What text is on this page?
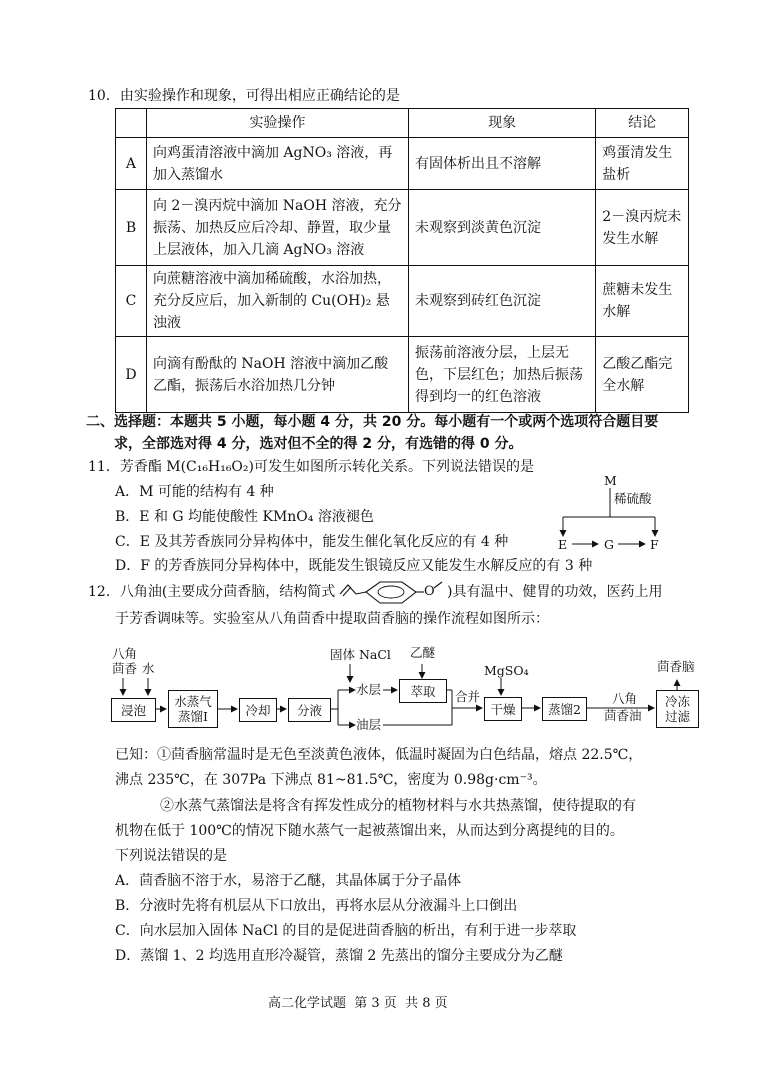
10．由实验操作和现象，可得出相应正确结论的是
	实验操作	现象	结论
A	向鸡蛋清溶液中滴加 AgNO₃ 溶液，再加入蒸馏水	有固体析出且不溶解	鸡蛋清发生盐析
B	向 2－溴丙烷中滴加 NaOH 溶液，充分振荡、加热反应后冷却、静置，取少量上层液体，加入几滴 AgNO₃ 溶液	未观察到淡黄色沉淀	2－溴丙烷未发生水解
C	向蔗糖溶液中滴加稀硫酸，水浴加热，充分反应后，加入新制的 Cu(OH)₂ 悬浊液	未观察到砖红色沉淀	蔗糖未发生水解
D	向滴有酚酞的 NaOH 溶液中滴加乙酸乙酯，振荡后水浴加热几分钟	振荡前溶液分层，上层无色，下层红色；加热后振荡得到均一的红色溶液	乙酸乙酯完全水解
二、选择题：本题共 5 小题，每小题 4 分，共 20 分。每小题有一个或两个选项符合题目要
求，全部选对得 4 分，选对但不全的得 2 分，有选错的得 0 分。
11．芳香酯 M(C₁₆H₁₆O₂)可发生如图所示转化关系。下列说法错误的是
A．M 可能的结构有 4 种
B．E 和 G 均能使酸性 KMnO₄ 溶液褪色
C．E 及其芳香族同分异构体中，能发生催化氧化反应的有 4 种
D．F 的芳香族同分异构体中，既能发生银镜反应又能发生水解反应的有 3 种
M
稀硫酸
E	G	F
12．八角油(主要成分茴香脑，结构简式	O )具有温中、健胃的功效，医药上用
于芳香调味等。实验室从八角茴香中提取茴香脑的操作流程如图所示：
八角
茴香 水
浸泡
水蒸气
蒸馏Ⅰ	冷却	分液
固体 NaCl 乙醚
水层
油层
萃取	合并
MgSO₄
干燥	蒸馏2
八角
茴香油
冷冻
过滤
茴香脑
已知：①茴香脑常温时是无色至淡黄色液体，低温时凝固为白色结晶，熔点 22.5℃，
沸点 235℃，在 307Pa 下沸点 81~81.5℃，密度为 0.98g·cm⁻³。
②水蒸气蒸馏法是将含有挥发性成分的植物材料与水共热蒸馏，使待提取的有
机物在低于 100℃的情况下随水蒸气一起被蒸馏出来，从而达到分离提纯的目的。
下列说法错误的是
A．茴香脑不溶于水，易溶于乙醚，其晶体属于分子晶体
B．分液时先将有机层从下口放出，再将水层从分液漏斗上口倒出
C．向水层加入固体 NaCl 的目的是促进茴香脑的析出，有利于进一步萃取
D．蒸馏 1、2 均选用直形冷凝管，蒸馏 2 先蒸出的馏分主要成分为乙醚
高二化学试题  第 3 页  共 8 页
